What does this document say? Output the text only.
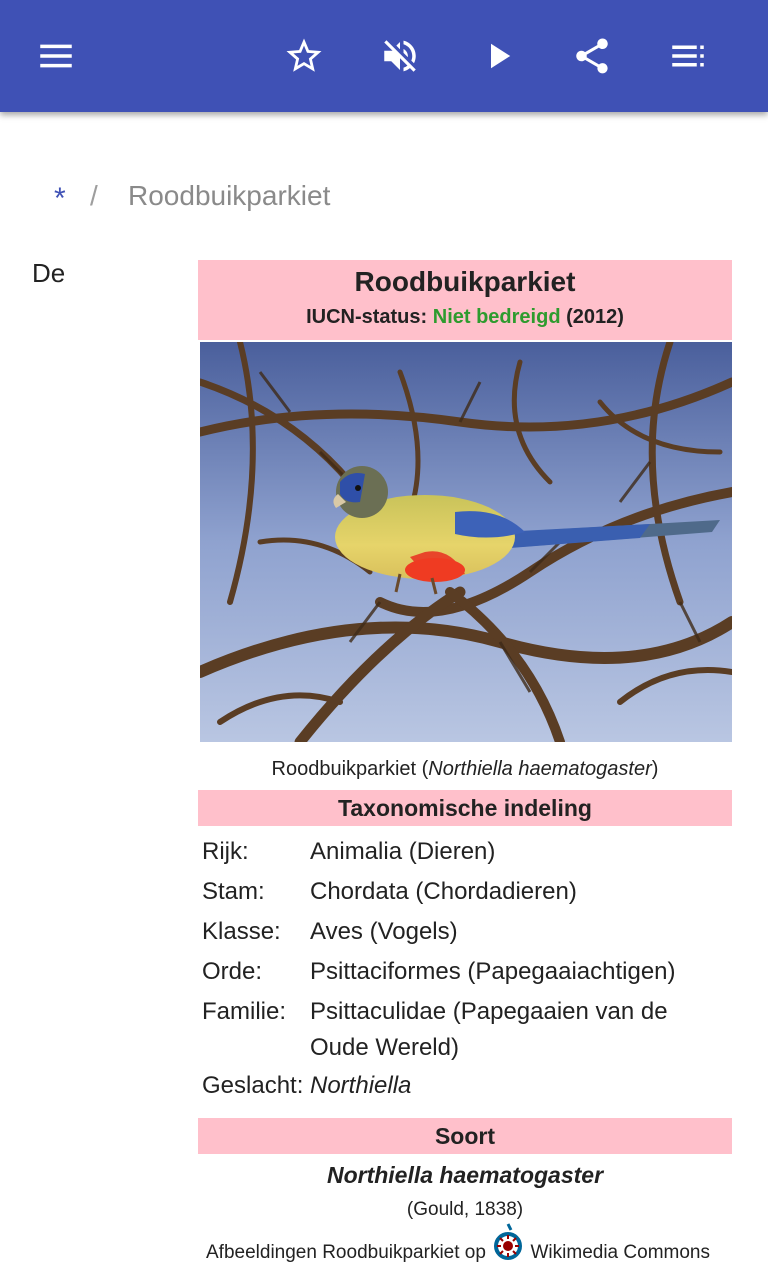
* / Roodbuikparkiet
De	Roodbuikparkiet
IUCN-status: Niet bedreigd (2012)
Roodbuikparkiet (Northiella haematogaster)
Taxonomische indeling
Rijk:	Animalia (Dieren)
Stam:	Chordata (Chordadieren)
Klasse:	Aves (Vogels)
Orde:	Psittaciformes (Papegaaiachtigen)
Familie: Psittaculidae (Papegaaien van de Oude Wereld)
Geslacht: Northiella
Soort
Northiella haematogaster
(Gould, 1838)
Afbeeldingen Roodbuikparkiet op Wikimedia Commons
